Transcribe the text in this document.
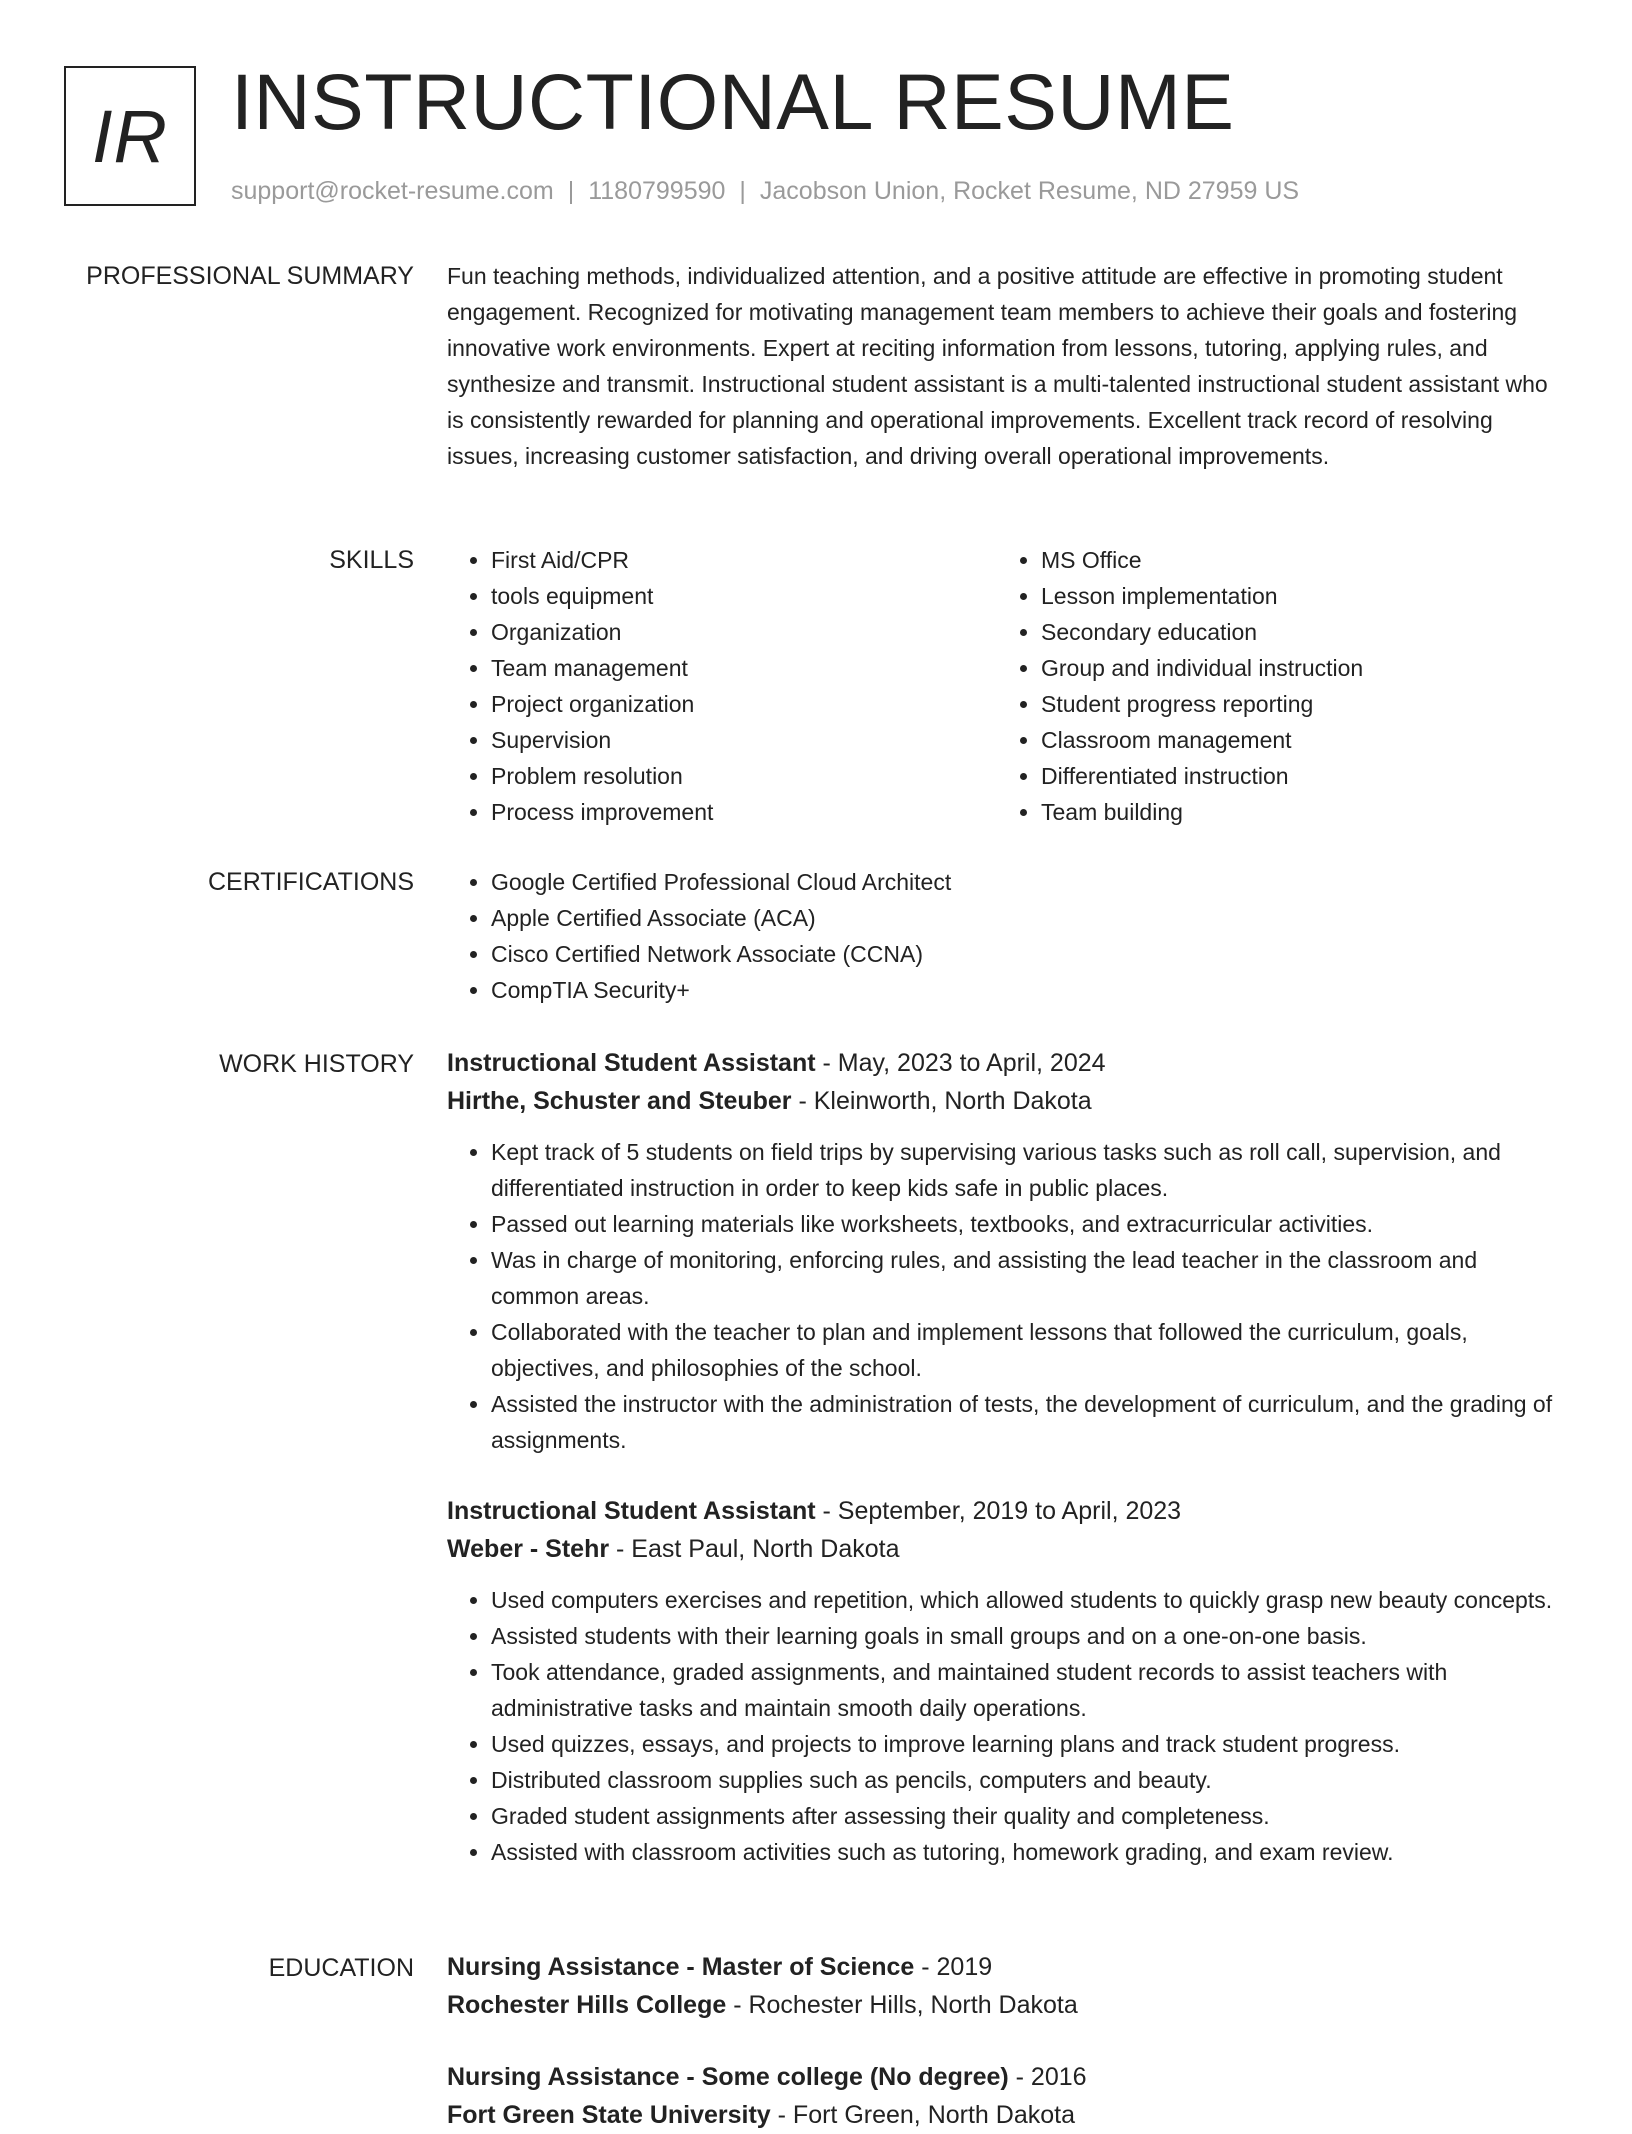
IR INSTRUCTIONAL RESUME
support@rocket-resume.com | 1180799590 | Jacobson Union, Rocket Resume, ND 27959 US
PROFESSIONAL SUMMARY Fun teaching methods, individualized attention, and a positive attitude are effective in promoting student engagement. Recognized for motivating management team members to achieve their goals and fostering innovative work environments. Expert at reciting information from lessons, tutoring, applying rules, and synthesize and transmit. Instructional student assistant is a multi-talented instructional student assistant who is consistently rewarded for planning and operational improvements. Excellent track record of resolving issues, increasing customer satisfaction, and driving overall operational improvements.

SKILLS	• First Aid/CPR
• tools equipment
• Organization
• Team management
• Project organization
• Supervision
• Problem resolution
• Process improvement
• MS Office
• Lesson implementation
• Secondary education
• Group and individual instruction
• Student progress reporting
• Classroom management
• Differentiated instruction
• Team building
CERTIFICATIONS	• Google Certified Professional Cloud Architect
• Apple Certified Associate (ACA)
• Cisco Certified Network Associate (CCNA)
• CompTIA Security+
WORK HISTORY Instructional Student Assistant - May, 2023 to April, 2024
Hirthe, Schuster and Steuber - Kleinworth, North Dakota
• Kept track of 5 students on field trips by supervising various tasks such as roll call, supervision, and differentiated instruction in order to keep kids safe in public places.
• Passed out learning materials like worksheets, textbooks, and extracurricular activities.
• Was in charge of monitoring, enforcing rules, and assisting the lead teacher in the classroom and common areas.
• Collaborated with the teacher to plan and implement lessons that followed the curriculum, goals, objectives, and philosophies of the school.
• Assisted the instructor with the administration of tests, the development of curriculum, and the grading of assignments.
Instructional Student Assistant - September, 2019 to April, 2023
Weber - Stehr - East Paul, North Dakota
• Used computers exercises and repetition, which allowed students to quickly grasp new beauty concepts.
• Assisted students with their learning goals in small groups and on a one-on-one basis.
• Took attendance, graded assignments, and maintained student records to assist teachers with administrative tasks and maintain smooth daily operations.
• Used quizzes, essays, and projects to improve learning plans and track student progress.
• Distributed classroom supplies such as pencils, computers and beauty.
• Graded student assignments after assessing their quality and completeness.
• Assisted with classroom activities such as tutoring, homework grading, and exam review.
EDUCATION Nursing Assistance - Master of Science - 2019
Rochester Hills College - Rochester Hills, North Dakota
Nursing Assistance - Some college (No degree) - 2016
Fort Green State University - Fort Green, North Dakota
